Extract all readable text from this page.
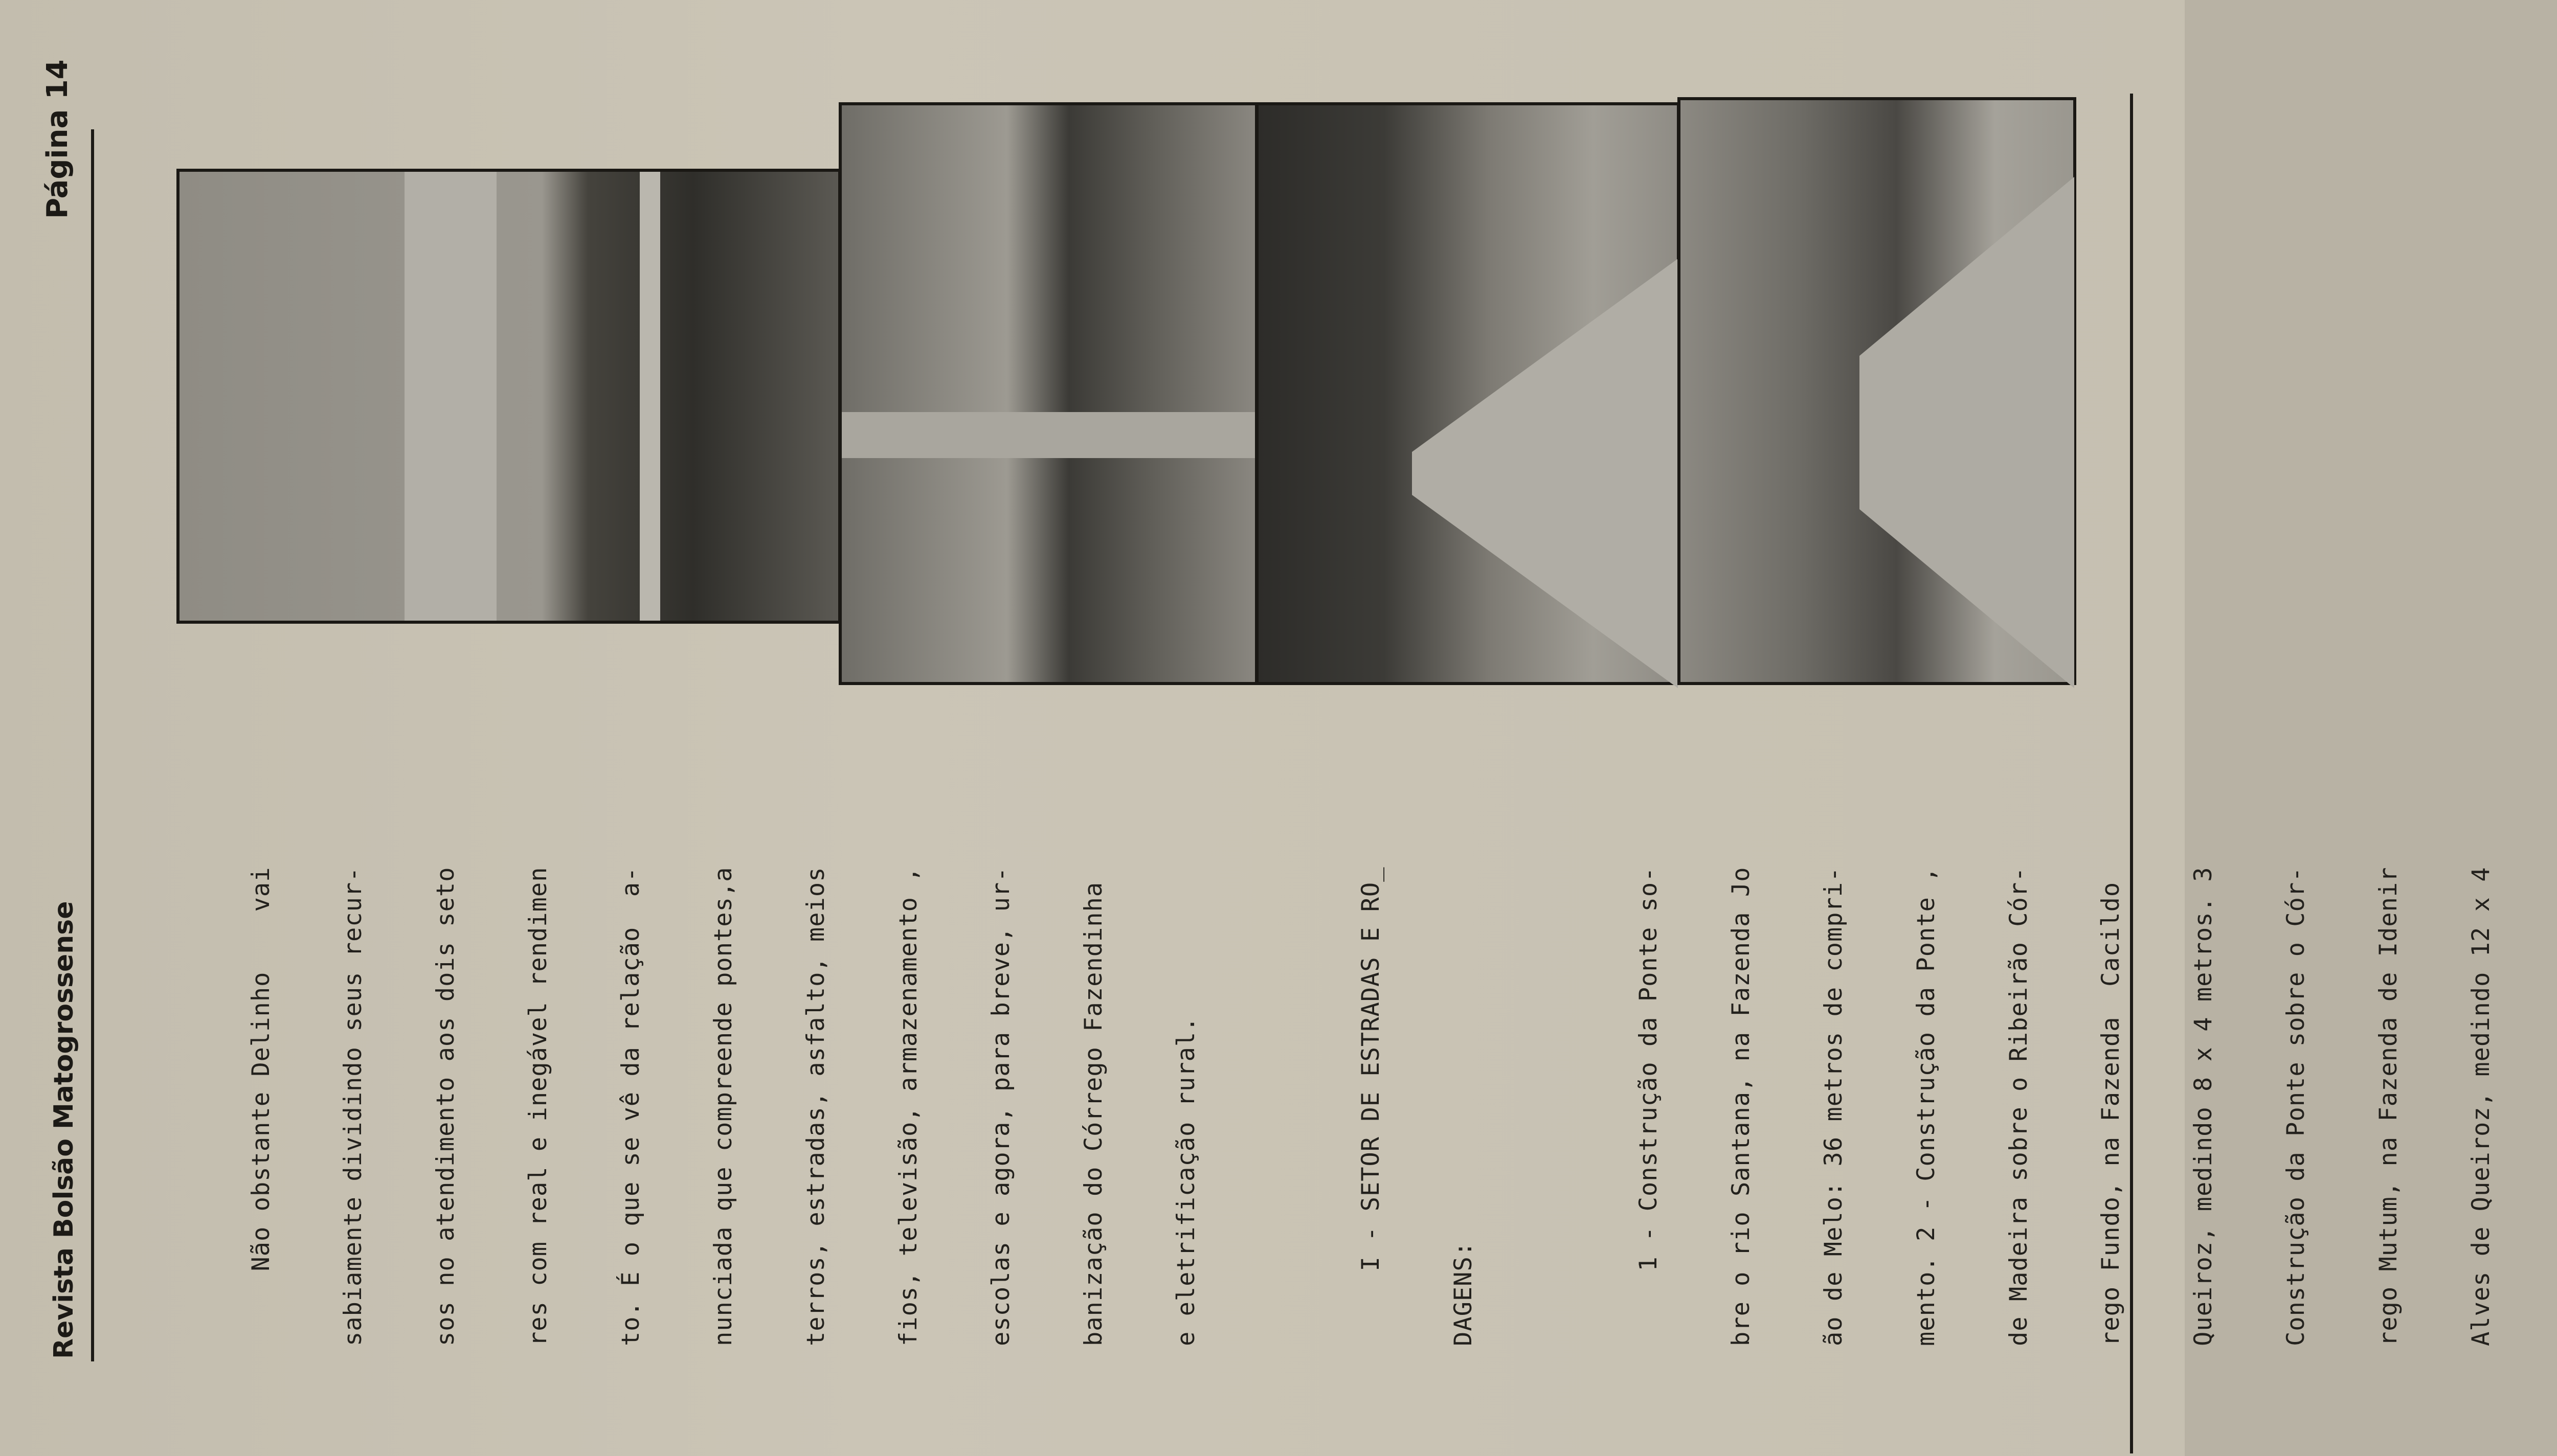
Revista Bolsão Matogrossense
Página 14

Não obstante Delinho    vai

	sabiamente dividindo seus recur-

	sos no atendimento aos dois seto

	res com real e inegável rendimen

	to. É o que se vê da relação  a-

	nunciada que compreende pontes,a

	terros, estradas, asfalto, meios

	fios, televisão, armazenamento ,

	escolas e agora, para breve, ur-

	banização do Córrego Fazendinha

	e eletrificação rural.

	I - SETOR DE ESTRADAS E RO_

	DAGENS:

	1 - Construção da Ponte so-

	bre o rio Santana, na Fazenda Jo

	ão de Melo: 36 metros de compri-

	mento. 2 - Construção da Ponte ,

	de Madeira sobre o Ribeirão Cór-

	rego Fundo, na Fazenda  Cacildo

	Queiroz, medindo 8 x 4 metros. 3

	Construção da Ponte sobre o Cór-

	rego Mutum, na Fazenda de Idenir

	Alves de Queiroz, medindo 12 x 4
